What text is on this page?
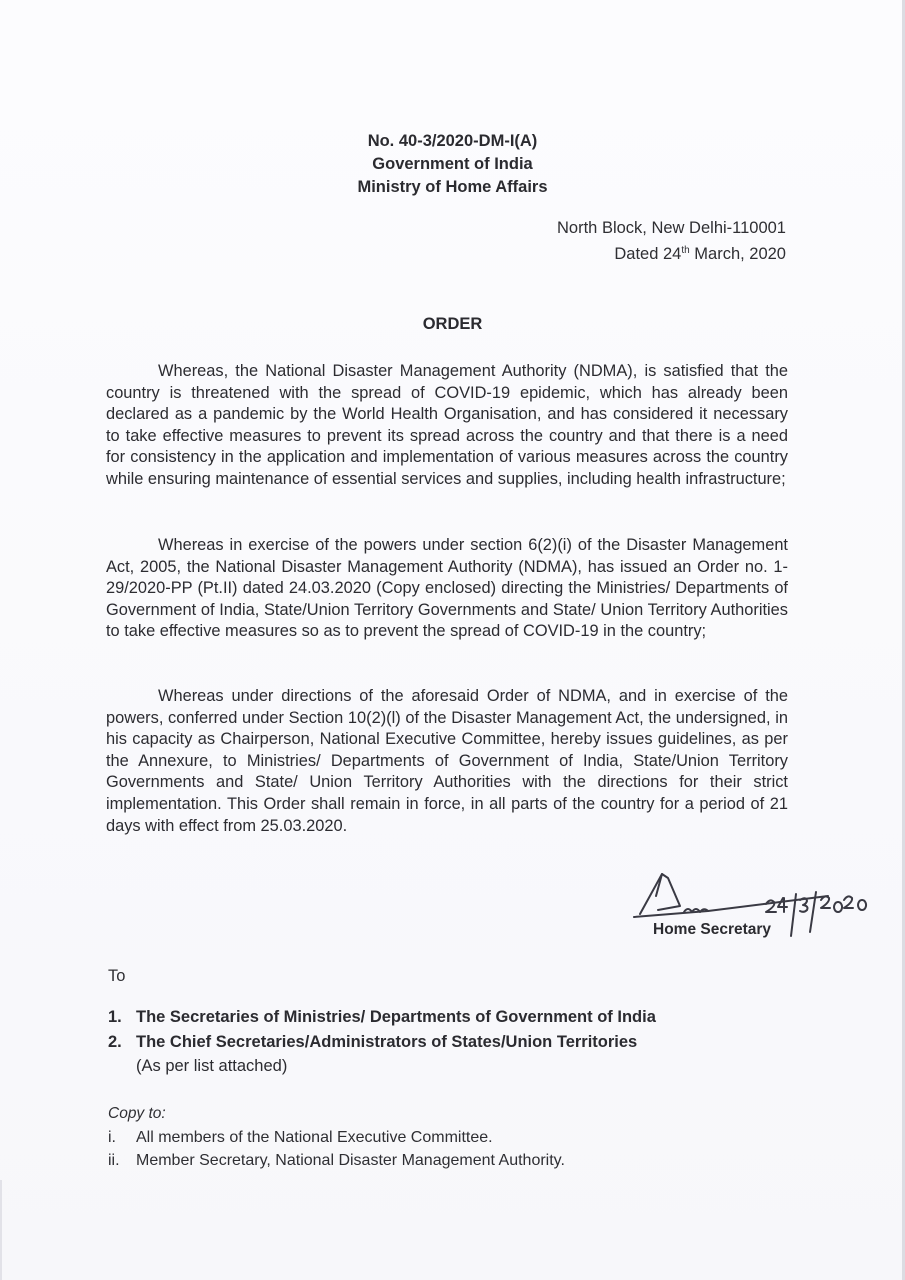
No. 40-3/2020-DM-I(A)
Government of India
Ministry of Home Affairs
North Block, New Delhi-110001
Dated 24th March, 2020
ORDER

Whereas, the National Disaster Management Authority (NDMA), is satisfied that the country is threatened with the spread of COVID-19 epidemic, which has already been declared as a pandemic by the World Health Organisation, and has considered it necessary to take effective measures to prevent its spread across the country and that there is a need for consistency in the application and implementation of various measures across the country while ensuring maintenance of essential services and supplies, including health infrastructure;

Whereas in exercise of the powers under section 6(2)(i) of the Disaster Management Act, 2005, the National Disaster Management Authority (NDMA), has issued an Order no. 1-29/2020-PP (Pt.II) dated 24.03.2020 (Copy enclosed) directing the Ministries/ Departments of Government of India, State/Union Territory Governments and State/ Union Territory Authorities to take effective measures so as to prevent the spread of COVID-19 in the country;

Whereas under directions of the aforesaid Order of NDMA, and in exercise of the powers, conferred under Section 10(2)(l) of the Disaster Management Act, the undersigned, in his capacity as Chairperson, National Executive Committee, hereby issues guidelines, as per the Annexure, to Ministries/ Departments of Government of India, State/Union Territory Governments and State/ Union Territory Authorities with the directions for their strict implementation. This Order shall remain in force, in all parts of the country for a period of 21 days with effect from 25.03.2020.

Home Secretary
To
1. The Secretaries of Ministries/ Departments of Government of India
2. The Chief Secretaries/Administrators of States/Union Territories
(As per list attached)
Copy to:
i. All members of the National Executive Committee.
ii. Member Secretary, National Disaster Management Authority.
